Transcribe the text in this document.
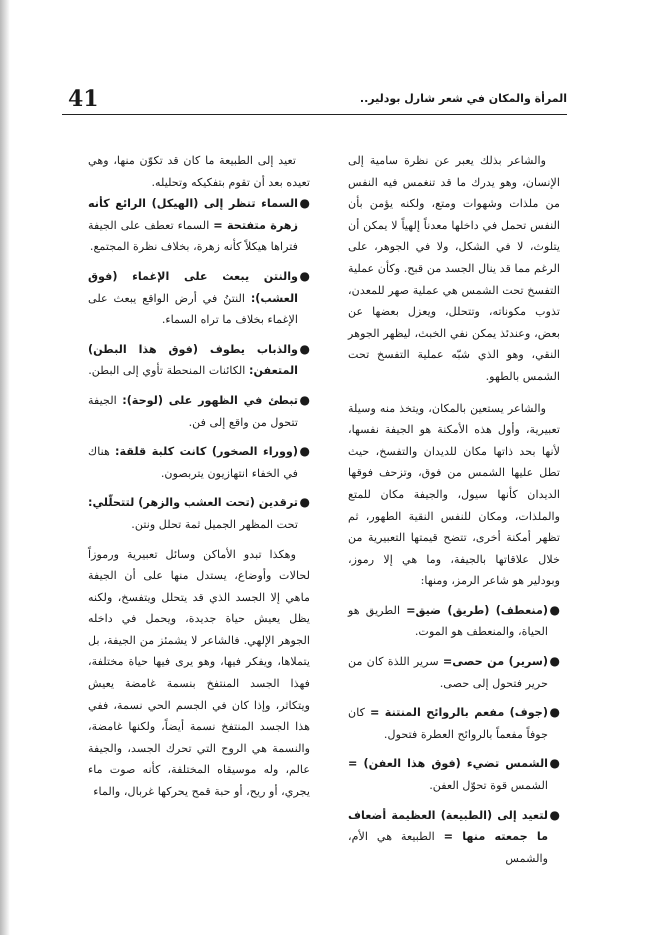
41	المرأة والمكان في شعر شارل بودلير..

والشاعر بذلك يعبر عن نظرة سامية إلى الإنسان، وهو يدرك ما قد تنغمس فيه النفس من ملذات وشهوات ومتع، ولكنه يؤمن بأن النفس تحمل في داخلها معدناً إلهياً لا يمكن أن يتلوث، لا في الشكل، ولا في الجوهر، على الرغم مما قد ينال الجسد من قبح. وكأن عملية التفسخ تحت الشمس هي عملية صهر للمعدن، تذوب مكوناته، وتتحلل، ويعزل بعضها عن بعض، وعندئذ يمكن نفي الخبث، ليظهر الجوهر النقي، وهو الذي شبّه عملية التفسخ تحت الشمس بالطهو.

والشاعر يستعين بالمكان، ويتخذ منه وسيلة تعبيرية، وأول هذه الأمكنة هو الجيفة نفسها، لأنها بحد ذاتها مكان للديدان والتفسخ، حيث تطل عليها الشمس من فوق، وتزحف فوقها الديدان كأنها سيول، والجيفة مكان للمتع والملذات، ومكان للنفس النقية الطهور، ثم تظهر أمكنة أخرى، تتضح قيمتها التعبيرية من خلال علاقاتها بالجيفة، وما هي إلا رموز، وبودلير هو شاعر الرمز، ومنها:

●
(منعطف) (طريق) ضيق= الطريق هو الحياة، والمنعطف هو الموت.
●
(سرير) من حصى= سرير اللذة كان من حرير فتحول إلى حصى.
●
(جوف) مفعم بالروائح المنتنة = كان جوفاً مفعماً بالروائح العطرة فتحول.
●
الشمس تضيء (فوق هذا العفن) = الشمس قوة تحوّل العفن.
●
لتعيد إلى (الطبيعة) العظيمة أضعاف ما جمعته منها = الطبيعة هي الأم، والشمس

تعيد إلى الطبيعة ما كان قد تكوّن منها، وهي تعيده بعد أن تقوم بتفكيكه وتحليله.

●
السماء تنظر إلى (الهيكل) الرائع كأنه زهرة متفتحة = السماء تعطف على الجيفة فتراها هيكلاً كأنه زهرة، بخلاف نظرة المجتمع.
●
والنتن يبعث على الإغماء (فوق العشب): النتنُ في أرض الواقع يبعث على الإغماء بخلاف ما تراه السماء.
●
والذباب يطوف (فوق هذا البطن) المتعفن: الكائنات المنحطة تأوي إلى البطن.
●
تبطئ في الظهور على (لوحة): الجيفة تتحول من واقع إلى فن.
●
(ووراء الصخور) كانت كلبة قلقة: هناك في الخفاء انتهازيون يتربصون.
●
ترقدين (تحت العشب والزهر) لتتحلّلي: تحت المظهر الجميل ثمة تحلل ونتن.

وهكذا تبدو الأماكن وسائل تعبيرية ورموزاً لحالات وأوضاع، يستدل منها على أن الجيفة ماهي إلا الجسد الذي قد يتحلل ويتفسخ، ولكنه يظل يعيش حياة جديدة، ويحمل في داخله الجوهر الإلهي. فالشاعر لا يشمئز من الجيفة، بل يتملاها، ويفكر فيها، وهو يرى فيها حياة مختلفة، فهذا الجسد المنتفخ بنسمة غامضة يعيش ويتكاثر، وإذا كان في الجسم الحي نسمة، ففي هذا الجسد المنتفخ نسمة أيضاً، ولكنها غامضة، والنسمة هي الروح التي تحرك الجسد، والجيفة عالم، وله موسيقاه المختلفة، كأنه صوت ماء يجري، أو ريح، أو حبة قمح يحركها غربال، والماء
